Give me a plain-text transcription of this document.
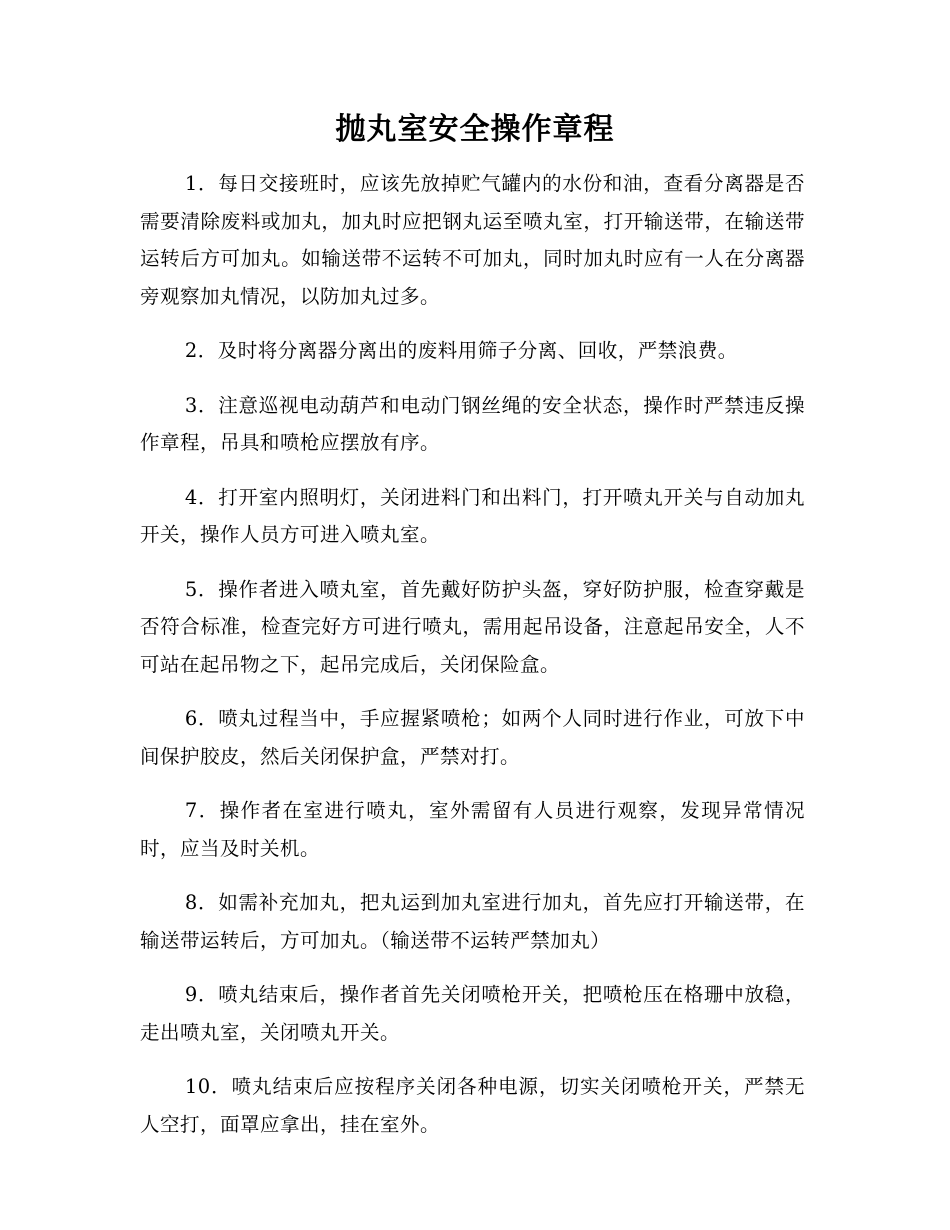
抛丸室安全操作章程

1．每日交接班时，应该先放掉贮气罐内的水份和油，查看分离器是否需要清除废料或加丸，加丸时应把钢丸运至喷丸室，打开输送带，在输送带运转后方可加丸。如输送带不运转不可加丸，同时加丸时应有一人在分离器旁观察加丸情况，以防加丸过多。

2．及时将分离器分离出的废料用筛子分离、回收，严禁浪费。

3．注意巡视电动葫芦和电动门钢丝绳的安全状态，操作时严禁违反操作章程，吊具和喷枪应摆放有序。

4．打开室内照明灯，关闭进料门和出料门，打开喷丸开关与自动加丸开关，操作人员方可进入喷丸室。

5．操作者进入喷丸室，首先戴好防护头盔，穿好防护服，检查穿戴是否符合标准，检查完好方可进行喷丸，需用起吊设备，注意起吊安全，人不可站在起吊物之下，起吊完成后，关闭保险盒。

6．喷丸过程当中，手应握紧喷枪；如两个人同时进行作业，可放下中间保护胶皮，然后关闭保护盒，严禁对打。

7．操作者在室进行喷丸，室外需留有人员进行观察，发现异常情况时，应当及时关机。

8．如需补充加丸，把丸运到加丸室进行加丸，首先应打开输送带，在输送带运转后，方可加丸。（输送带不运转严禁加丸）

9．喷丸结束后，操作者首先关闭喷枪开关，把喷枪压在格珊中放稳，走出喷丸室，关闭喷丸开关。

10．喷丸结束后应按程序关闭各种电源，切实关闭喷枪开关，严禁无人空打，面罩应拿出，挂在室外。
